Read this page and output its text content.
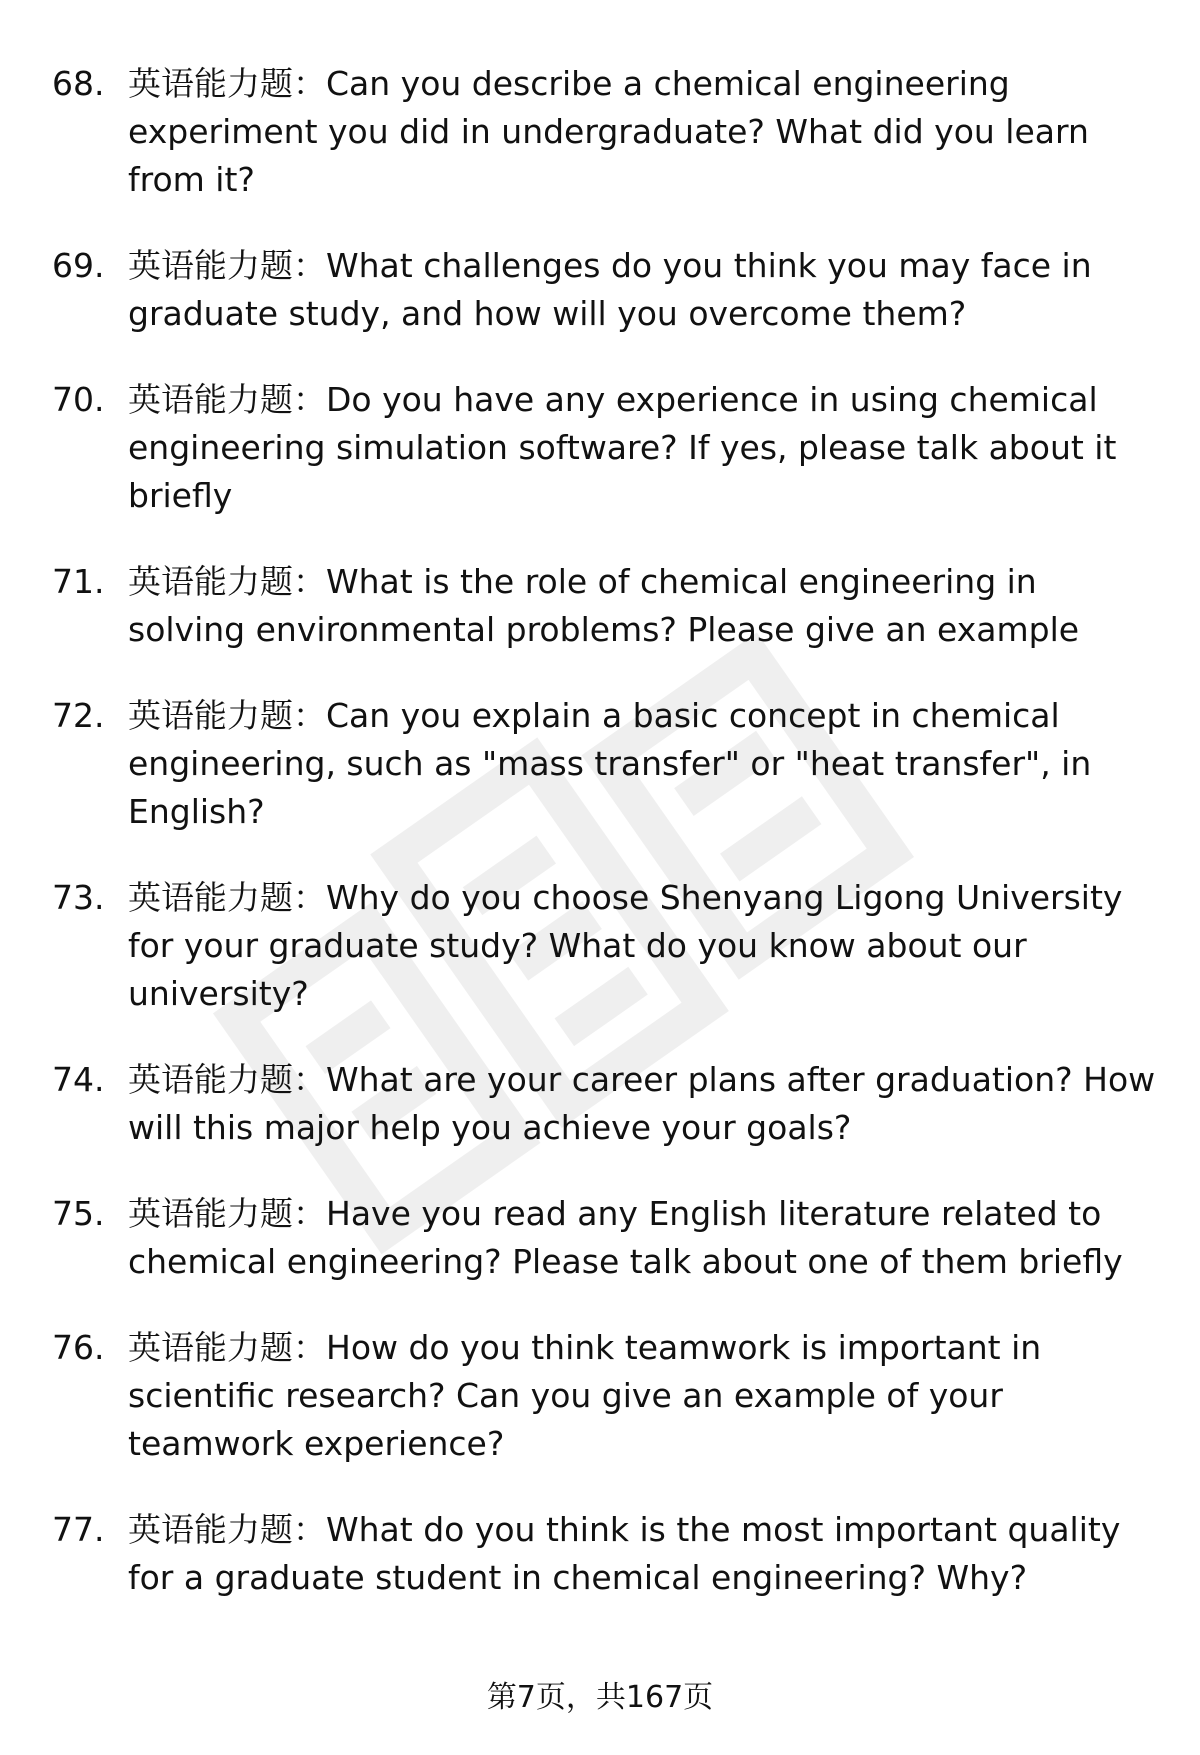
68. 英语能力题：Can you describe a chemical engineering experiment you did in undergraduate? What did you learn from it?
69. 英语能力题：What challenges do you think you may face in graduate study, and how will you overcome them?
70. 英语能力题：Do you have any experience in using chemical engineering simulation software? If yes, please talk about it briefly
71. 英语能力题：What is the role of chemical engineering in solving environmental problems? Please give an example
72. 英语能力题：Can you explain a basic concept in chemical engineering, such as "mass transfer" or "heat transfer", in English?
73. 英语能力题：Why do you choose Shenyang Ligong University for your graduate study? What do you know about our university?
74. 英语能力题：What are your career plans after graduation? How will this major help you achieve your goals?
75. 英语能力题：Have you read any English literature related to chemical engineering? Please talk about one of them briefly
76. 英语能力题：How do you think teamwork is important in scientific research? Can you give an example of your teamwork experience?
77. 英语能力题：What do you think is the most important quality for a graduate student in chemical engineering? Why?
第7页，共167页
